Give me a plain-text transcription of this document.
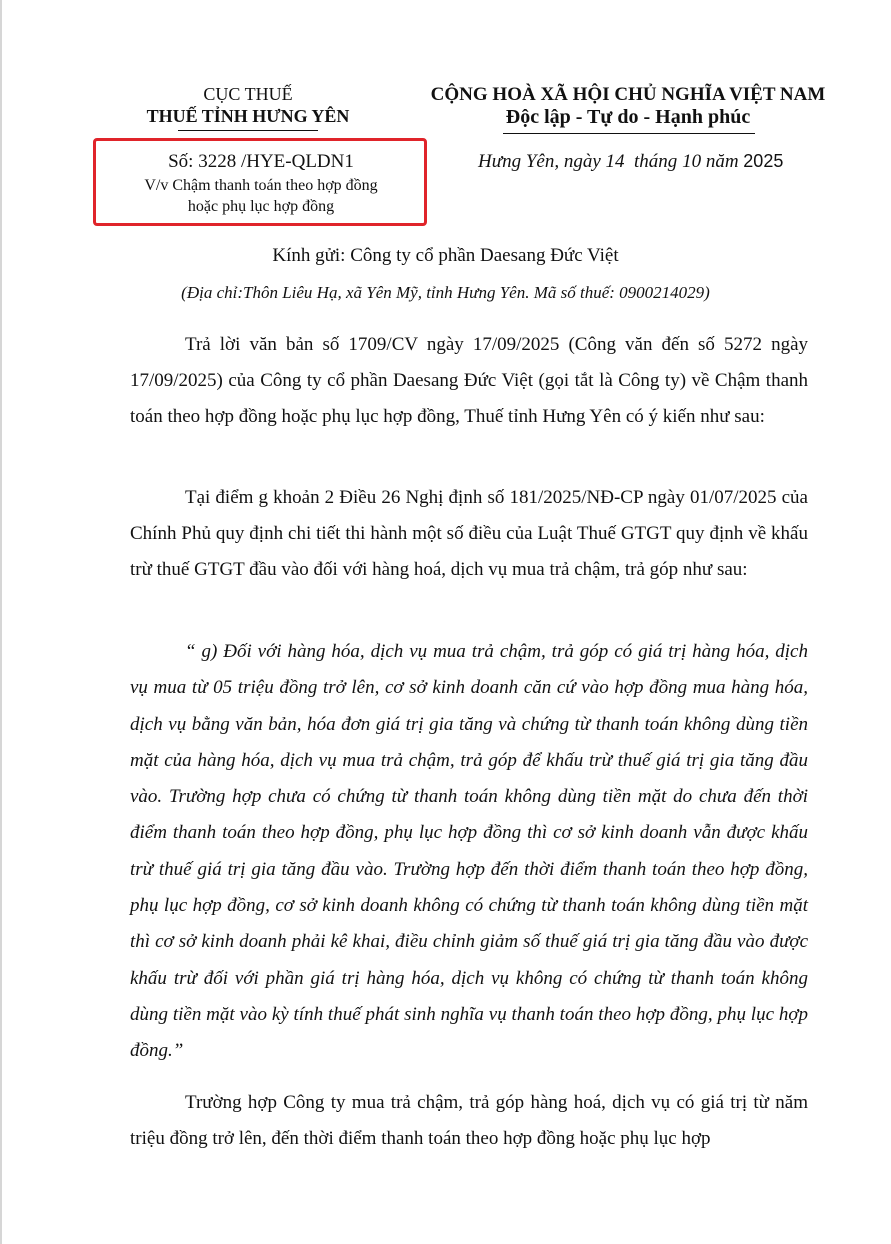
CỤC THUẾ
THUẾ TỈNH HƯNG YÊN
CỘNG HOÀ XÃ HỘI CHỦ NGHĨA VIỆT NAM
Độc lập - Tự do - Hạnh phúc
Số: 3228 /HYE-QLDN1
V/v Chậm thanh toán theo hợp đồng
hoặc phụ lục hợp đồng
Hưng Yên, ngày 14  tháng 10 năm 2025
Kính gửi: Công ty cổ phần Daesang Đức Việt
(Địa chỉ:Thôn Liêu Hạ, xã Yên Mỹ, tỉnh Hưng Yên. Mã số thuế: 0900214029)
Trả lời văn bản số 1709/CV ngày 17/09/2025 (Công văn đến số 5272 ngày 17/09/2025) của Công ty cổ phần Daesang Đức Việt (gọi tắt là Công ty) về Chậm thanh toán theo hợp đồng hoặc phụ lục hợp đồng, Thuế tỉnh Hưng Yên có ý kiến như sau:
Tại điểm g khoản 2 Điều 26 Nghị định số 181/2025/NĐ-CP ngày 01/07/2025 của Chính Phủ quy định chi tiết thi hành một số điều của Luật Thuế GTGT quy định về khấu trừ thuế GTGT đầu vào đối với hàng hoá, dịch vụ mua trả chậm, trả góp như sau:
“ g) Đối với hàng hóa, dịch vụ mua trả chậm, trả góp có giá trị hàng hóa, dịch vụ mua từ 05 triệu đồng trở lên, cơ sở kinh doanh căn cứ vào hợp đồng mua hàng hóa, dịch vụ bằng văn bản, hóa đơn giá trị gia tăng và chứng từ thanh toán không dùng tiền mặt của hàng hóa, dịch vụ mua trả chậm, trả góp để khấu trừ thuế giá trị gia tăng đầu vào. Trường hợp chưa có chứng từ thanh toán không dùng tiền mặt do chưa đến thời điểm thanh toán theo hợp đồng, phụ lục hợp đồng thì cơ sở kinh doanh vẫn được khấu trừ thuế giá trị gia tăng đầu vào. Trường hợp đến thời điểm thanh toán theo hợp đồng, phụ lục hợp đồng, cơ sở kinh doanh không có chứng từ thanh toán không dùng tiền mặt thì cơ sở kinh doanh phải kê khai, điều chỉnh giảm số thuế giá trị gia tăng đầu vào được khấu trừ đối với phần giá trị hàng hóa, dịch vụ không có chứng từ thanh toán không dùng tiền mặt vào kỳ tính thuế phát sinh nghĩa vụ thanh toán theo hợp đồng, phụ lục hợp đồng.”
Trường hợp Công ty mua trả chậm, trả góp hàng hoá, dịch vụ có giá trị từ năm triệu đồng trở lên, đến thời điểm thanh toán theo hợp đồng hoặc phụ lục hợp
